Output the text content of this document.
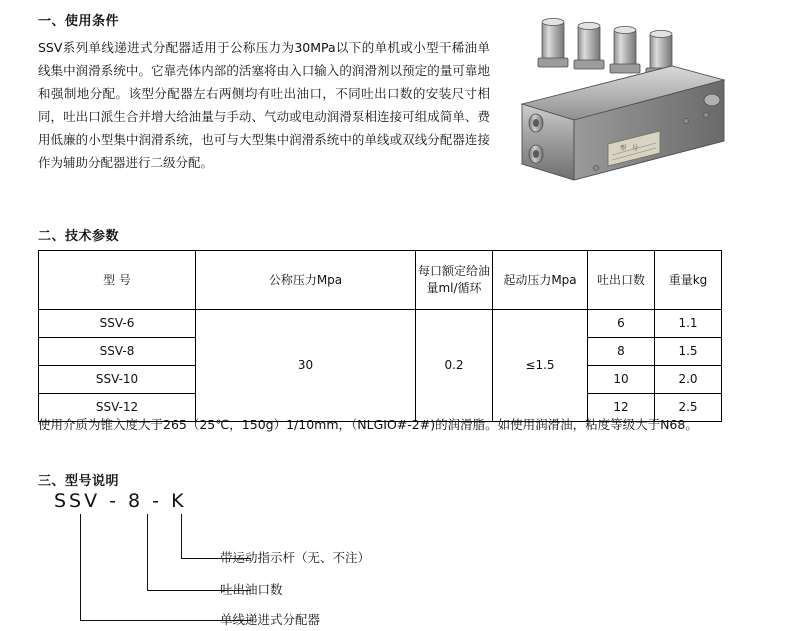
一、使用条件
SSV系列单线递进式分配器适用于公称压力为30MPa以下的单机或小型干稀油单线集中润滑系统中。它靠壳体内部的活塞将由入口输入的润滑剂以预定的量可靠地和强制地分配。该型分配器左右两侧均有吐出油口，不同吐出口数的安装尺寸相同，吐出口派生合并增大给油量与手动、气动或电动润滑泵相连接可组成简单、费用低廉的小型集中润滑系统，也可与大型集中润滑系统中的单线或双线分配器连接作为辅助分配器进行二级分配。
型　号
二、技术参数
型 号	公称压力Mpa	每口额定给油量ml/循环	起动压力Mpa	吐出口数	重量kg
SSV-6	30	0.2	≤1.5	6	1.1
SSV-8				8	1.5
SSV-10				10	2.0
SSV-12				12	2.5
使用介质为锥入度大于265（25℃，150g）1/10mm，（NLGIO#-2#)的润滑脂。如使用润滑油，粘度等级大于N68。
三、型号说明
SSV - 8 - K
带运动指示杆（无、不注）
吐出油口数
单线递进式分配器
